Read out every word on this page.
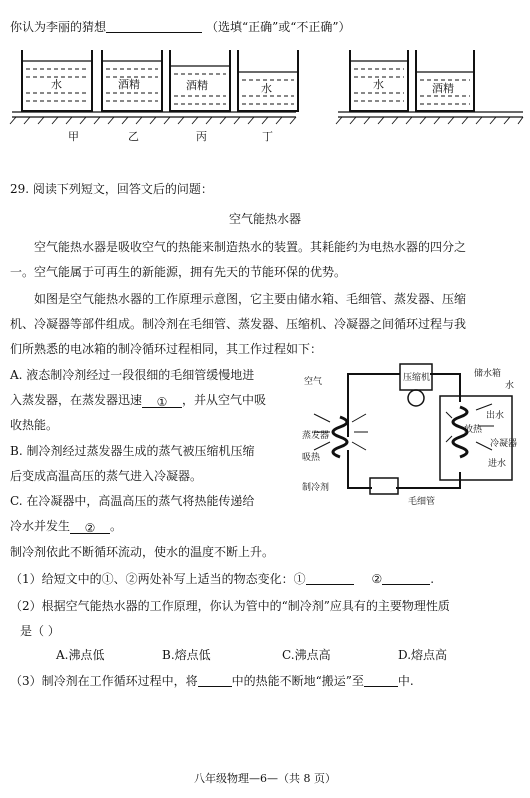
你认为李丽的猜想	（选填“正确”或“不正确”）
水	酒精	酒精	水	水	酒精
甲	乙	丙	丁
29. 阅读下列短文，回答文后的问题：
空气能热水器
空气能热水器是吸收空气的热能来制造热水的装置。其耗能约为电热水器的四分之
一。空气能属于可再生的新能源，拥有先天的节能环保的优势。
如图是空气能热水器的工作原理示意图，它主要由储水箱、毛细管、蒸发器、压缩
机、冷凝器等部件组成。制冷剂在毛细管、蒸发器、压缩机、冷凝器之间循环过程与我
们所熟悉的电冰箱的制冷循环过程相同，其工作过程如下：
A. 液态制冷剂经过一段很细的毛细管缓慢地进
入蒸发器，在蒸发器迅速 ① ，并从空气中吸
收热能。
B. 制冷剂经过蒸发器生成的蒸气被压缩机压缩
后变成高温高压的蒸气进入冷凝器。
C. 在冷凝器中，高温高压的蒸气将热能传递给
冷水并发生 ② 。
空气	压缩机	储水箱
水
出水
放热
冷凝器
蒸发器
吸热
进水
制冷剂
毛细管
制冷剂依此不断循环流动，使水的温度不断上升。
（1）给短文中的①、②两处补写上适当的物态变化：①	②	.
（2）根据空气能热水器的工作原理，你认为管中的“制冷剂”应具有的主要物理性质
是（ ）
A.沸点低	B.熔点低	C.沸点高	D.熔点高
（3）制冷剂在工作循环过程中，将	中的热能不断地“搬运”至	中.
八年级物理—6—（共 8 页）
